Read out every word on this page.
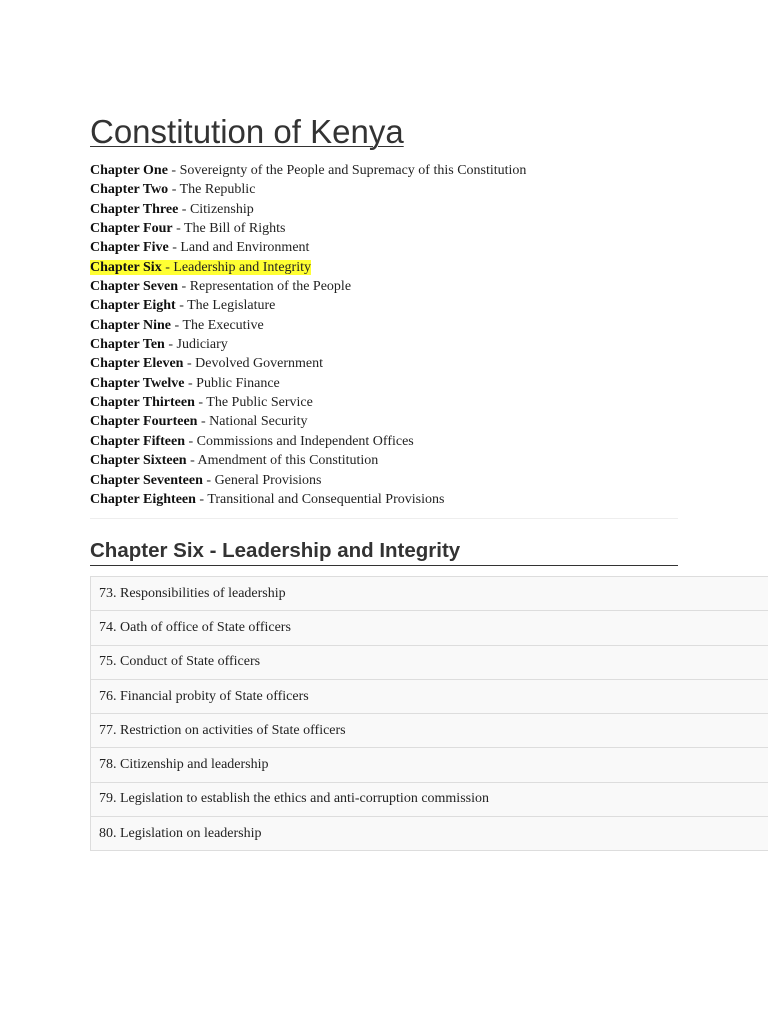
Constitution of Kenya
Chapter One - Sovereignty of the People and Supremacy of this Constitution
Chapter Two - The Republic
Chapter Three - Citizenship
Chapter Four - The Bill of Rights
Chapter Five - Land and Environment
Chapter Six - Leadership and Integrity
Chapter Seven - Representation of the People
Chapter Eight - The Legislature
Chapter Nine - The Executive
Chapter Ten - Judiciary
Chapter Eleven - Devolved Government
Chapter Twelve - Public Finance
Chapter Thirteen - The Public Service
Chapter Fourteen - National Security
Chapter Fifteen - Commissions and Independent Offices
Chapter Sixteen - Amendment of this Constitution
Chapter Seventeen - General Provisions
Chapter Eighteen - Transitional and Consequential Provisions
Chapter Six - Leadership and Integrity
73. Responsibilities of leadership
74. Oath of office of State officers
75. Conduct of State officers
76. Financial probity of State officers
77. Restriction on activities of State officers
78. Citizenship and leadership
79. Legislation to establish the ethics and anti-corruption commission
80. Legislation on leadership
